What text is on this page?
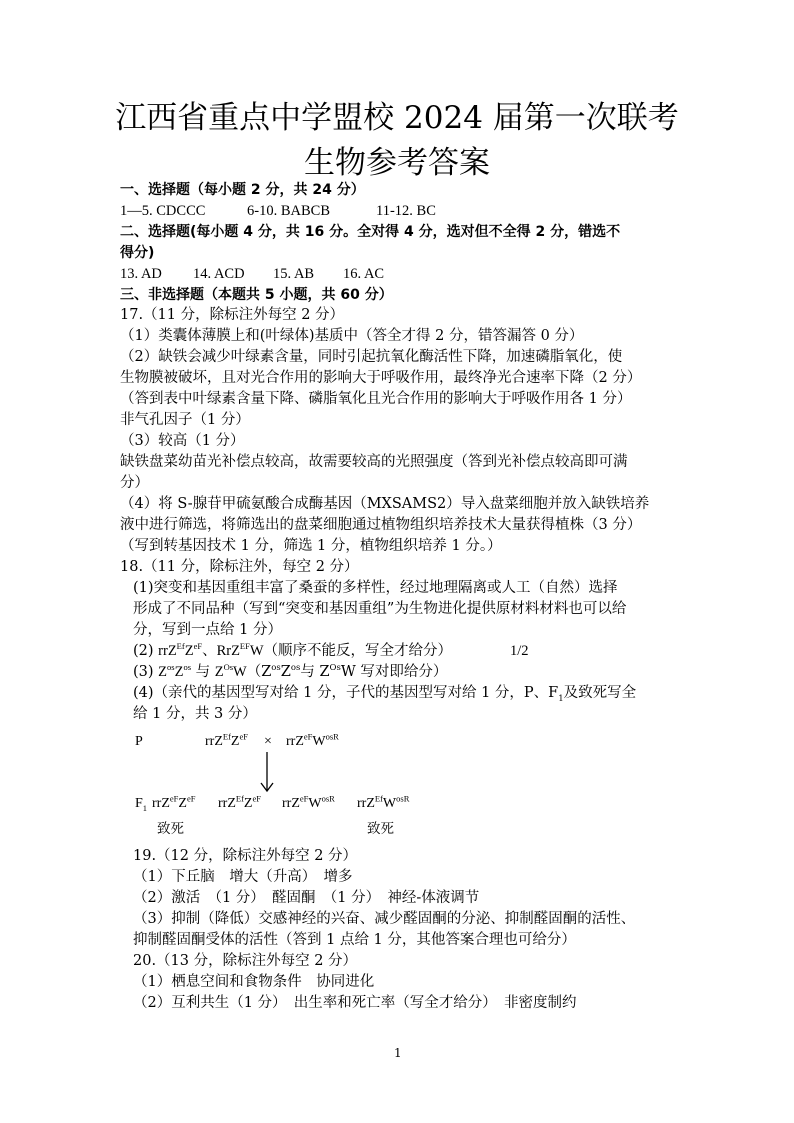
江西省重点中学盟校 2024 届第一次联考
生物参考答案
一、选择题（每小题 2 分，共 24 分）
1—5. CDCCC	6-10. BABCB	11-12. BC
二、选择题(每小题 4 分，共 16 分。全对得 4 分，选对但不全得 2 分，错选不
得分)
13. AD 14. ACD 15. AB 16. AC
三、非选择题（本题共 5 小题，共 60 分）
17.（11 分，除标注外每空 2 分）
（1）类囊体薄膜上和(叶绿体)基质中（答全才得 2 分，错答漏答 0 分）
（2）缺铁会减少叶绿素含量，同时引起抗氧化酶活性下降，加速磷脂氧化，使
生物膜被破坏，且对光合作用的影响大于呼吸作用，最终净光合速率下降（2 分）
（答到表中叶绿素含量下降、磷脂氧化且光合作用的影响大于呼吸作用各 1 分）
非气孔因子（1 分）
（3）较高（1 分）
缺铁盘菜幼苗光补偿点较高，故需要较高的光照强度（答到光补偿点较高即可满
分）
（4）将 S-腺苷甲硫氨酸合成酶基因（MXSAMS2）导入盘菜细胞并放入缺铁培养
液中进行筛选，将筛选出的盘菜细胞通过植物组织培养技术大量获得植株（3 分）
（写到转基因技术 1 分，筛选 1 分，植物组织培养 1 分。）
18.（11 分，除标注外，每空 2 分）
(1)突变和基因重组丰富了桑蚕的多样性，经过地理隔离或人工（自然）选择
形成了不同品种（写到“突变和基因重组”为生物进化提供原材料材料也可以给
分，写到一点给 1 分）
(2) $rrZ^{Ef}Z^{eF}$、RrZ$^{EF}$W（顺序不能反，写全才给分）	1/2
(3) $Z^{os}Z^{os}$ 与 $Z^{Os}W(Z^{os}Z^{os}$与 $Z^{Os}W$ 写对即给分）
(4)（亲代的基因型写对给 1 分，子代的基因型写对给 1 分，P、$F_1$及致死写全
给 1 分，共 3 分）
P	$rrZ^{Ef}Z^{eF} \times rrZ^{eF}W^{osR}$
$F_1$ $rrZ^{eF}Z^{eF}$ $rrZ^{Ef}Z^{eF}$ $rrZ^{eF}W^{osR}$ $rrZ^{Ef}W^{osR}$
致死	致死
19.（12 分，除标注外每空 2 分）
（1）下丘脑　增大（升高）　增多
（2）激活　（1 分）　醛固酮　（1 分）　神经-体液调节
（3）抑制（降低）交感神经的兴奋、减少醛固酮的分泌、抑制醛固酮的活性、
抑制醛固酮受体的活性（答到 1 点给 1 分，其他答案合理也可给分）
20.（13 分，除标注外每空 2 分）
（1）栖息空间和食物条件　协同进化
（2）互利共生（1 分）　出生率和死亡率（写全才给分）　非密度制约
1
